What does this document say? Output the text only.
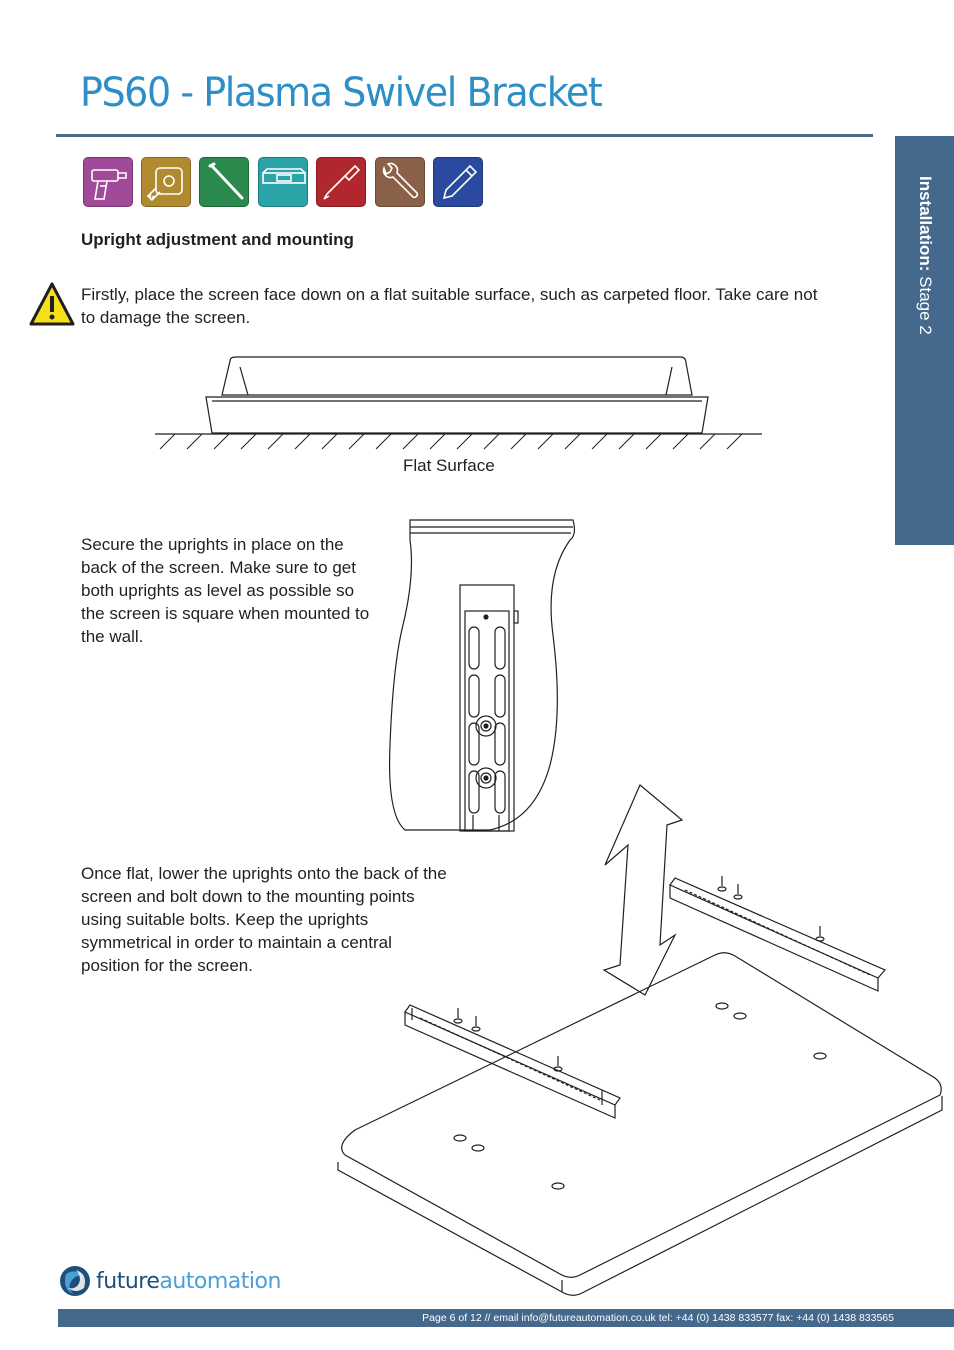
PS60 - Plasma Swivel Bracket
Installation: Stage 2
Upright adjustment and mounting
Firstly, place the screen face down on a flat suitable surface, such as carpeted floor. Take care not to damage the screen.
Flat Surface
Secure the uprights in place on the back of the screen. Make sure to get both uprights as level as possible so the screen is square when mounted to the wall.
Once flat, lower the uprights onto the back of the screen and bolt down to the mounting points using suitable bolts. Keep the uprights symmetrical in order to maintain a central position for the screen.
futureautomation
Page 6 of 12 // email info@futureautomation.co.uk tel: +44 (0) 1438 833577 fax: +44 (0) 1438 833565
